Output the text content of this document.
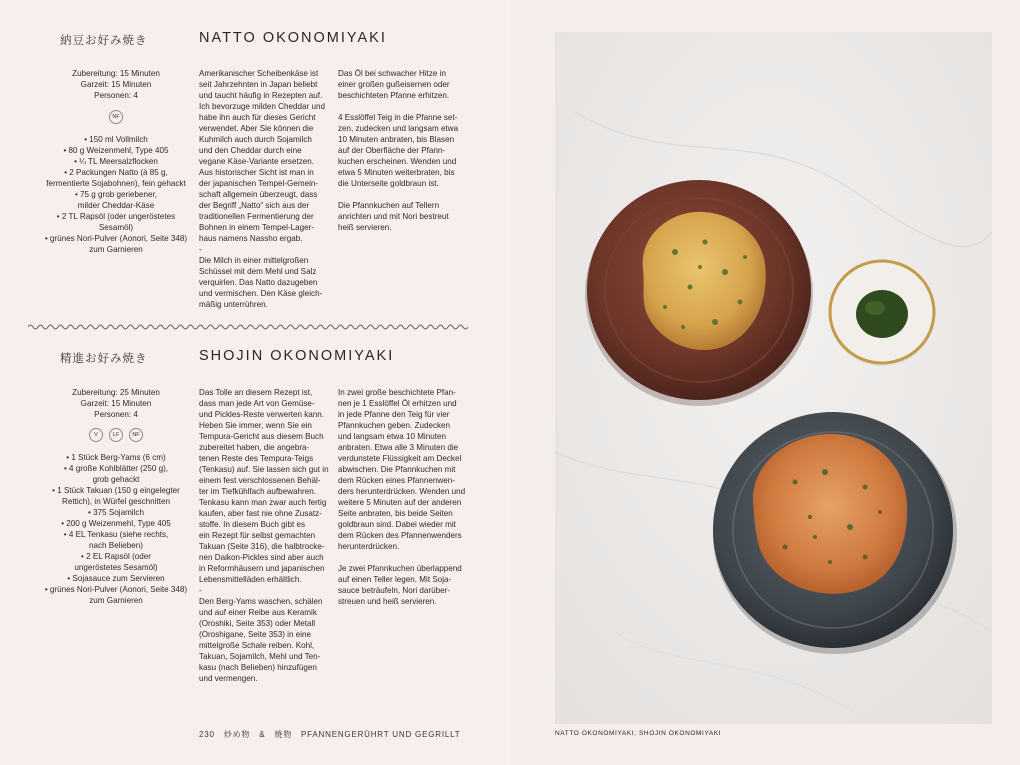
納豆お好み焼き	NATTO OKONOMIYAKI
Zubereitung: 15 Minuten
Garzeit: 15 Minuten
Personen: 4
NF
• 150 ml Vollmilch
• 80 g Weizenmehl, Type 405
• ¼ TL Meersalzflocken
• 2 Packungen Natto (à 85 g,
fermentierte Sojabohnen), fein gehackt
• 75 g grob geriebener,
milder Cheddar-Käse
• 2 TL Rapsöl (oder ungeröstetes
Sesamöl)
• grünes Nori-Pulver (Aonori, Seite 348)
zum Garnieren

Amerikanischer Scheibenkäse ist

seit Jahrzehnten in Japan beliebt

und taucht häufig in Rezepten auf.

Ich bevorzuge milden Cheddar und

habe ihn auch für dieses Gericht

verwendet. Aber Sie können die

Kuhmilch auch durch Sojamilch

und den Cheddar durch eine

vegane Käse-Variante ersetzen.

Aus historischer Sicht ist man in

der japanischen Tempel-Gemein-

schaft allgemein überzeugt, dass

der Begriff „Natto“ sich aus der

traditionellen Fermentierung der

Bohnen in einem Tempel-Lager-

haus namens Nassho ergab.

-

Die Milch in einer mittelgroßen

Schüssel mit dem Mehl und Salz

verquirlen. Das Natto dazugeben

und vermischen. Den Käse gleich-

mäßig unterrühren.

Das Öl bei schwacher Hitze in

einer großen gußeisernen oder

beschichteten Pfanne erhitzen.

4 Esslöffel Teig in die Pfanne set-

zen, zudecken und langsam etwa

10 Minuten anbraten, bis Blasen

auf der Oberfläche der Pfann-

kuchen erscheinen. Wenden und

etwa 5 Minuten weiterbraten, bis

die Unterseite goldbraun ist.

Die Pfannkuchen auf Tellern

anrichten und mit Nori bestreut

heiß servieren.

精進お好み焼き	SHOJIN OKONOMIYAKI
Zubereitung: 25 Minuten
Garzeit: 15 Minuten
Personen: 4
V	LF	NF
• 1 Stück Berg-Yams (6 cm)
• 4 große Kohlblätter (250 g),
grob gehackt
• 1 Stück Takuan (150 g eingelegter
Rettich), in Würfel geschnitten
• 375 Sojamilch
• 200 g Weizenmehl, Type 405
• 4 EL Tenkasu (siehe rechts,
nach Belieben)
• 2 EL Rapsöl (oder
ungeröstetes Sesamöl)
• Sojasauce zum Servieren
• grünes Nori-Pulver (Aonori, Seite 348)
zum Garnieren

Das Tolle an diesem Rezept ist,

dass man jede Art von Gemüse-

und Pickles-Reste verwerten kann.

Heben Sie immer, wenn Sie ein

Tempura-Gericht aus diesem Buch

zubereitet haben, die angebra-

tenen Reste des Tempura-Teigs

(Tenkasu) auf. Sie lassen sich gut in

einem fest verschlossenen Behäl-

ter im Tiefkühlfach aufbewahren.

Tenkasu kann man zwar auch fertig

kaufen, aber fast nie ohne Zusatz-

stoffe. In diesem Buch gibt es

ein Rezept für selbst gemachten

Takuan (Seite 316), die halbtrocke-

nen Daikon-Pickles sind aber auch

in Reformhäusern und japanischen

Lebensmittelläden erhältlich.

-

Den Berg-Yams waschen, schälen

und auf einer Reibe aus Keramik

(Oroshiki, Seite 353) oder Metall

(Oroshigane, Seite 353) in eine

mittelgroße Schale reiben. Kohl,

Takuan, Sojamilch, Mehl und Ten-

kasu (nach Belieben) hinzufügen

und vermengen.

In zwei große beschichtete Pfan-

nen je 1 Esslöffel Öl erhitzen und

in jede Pfanne den Teig für vier

Pfannkuchen geben. Zudecken

und langsam etwa 10 Minuten

anbraten. Etwa alle 3 Minuten die

verdunstete Flüssigkeit am Deckel

abwischen. Die Pfannkuchen mit

dem Rücken eines Pfannenwen-

ders herunterdrücken. Wenden und

weitere 5 Minuten auf der anderen

Seite anbraten, bis beide Seiten

goldbraun sind. Dabei wieder mit

dem Rücken des Pfannenwenders

herunterdrücken.

Je zwei Pfannkuchen überlappend

auf einen Teller legen. Mit Soja-

sauce beträufeln, Nori darüber-

streuen und heiß servieren.

230 炒め物 & 焼物 PFANNENGERÜHRT UND GEGRILLT	NATTO OKONOMIYAKI; SHOJIN OKONOMIYAKI
